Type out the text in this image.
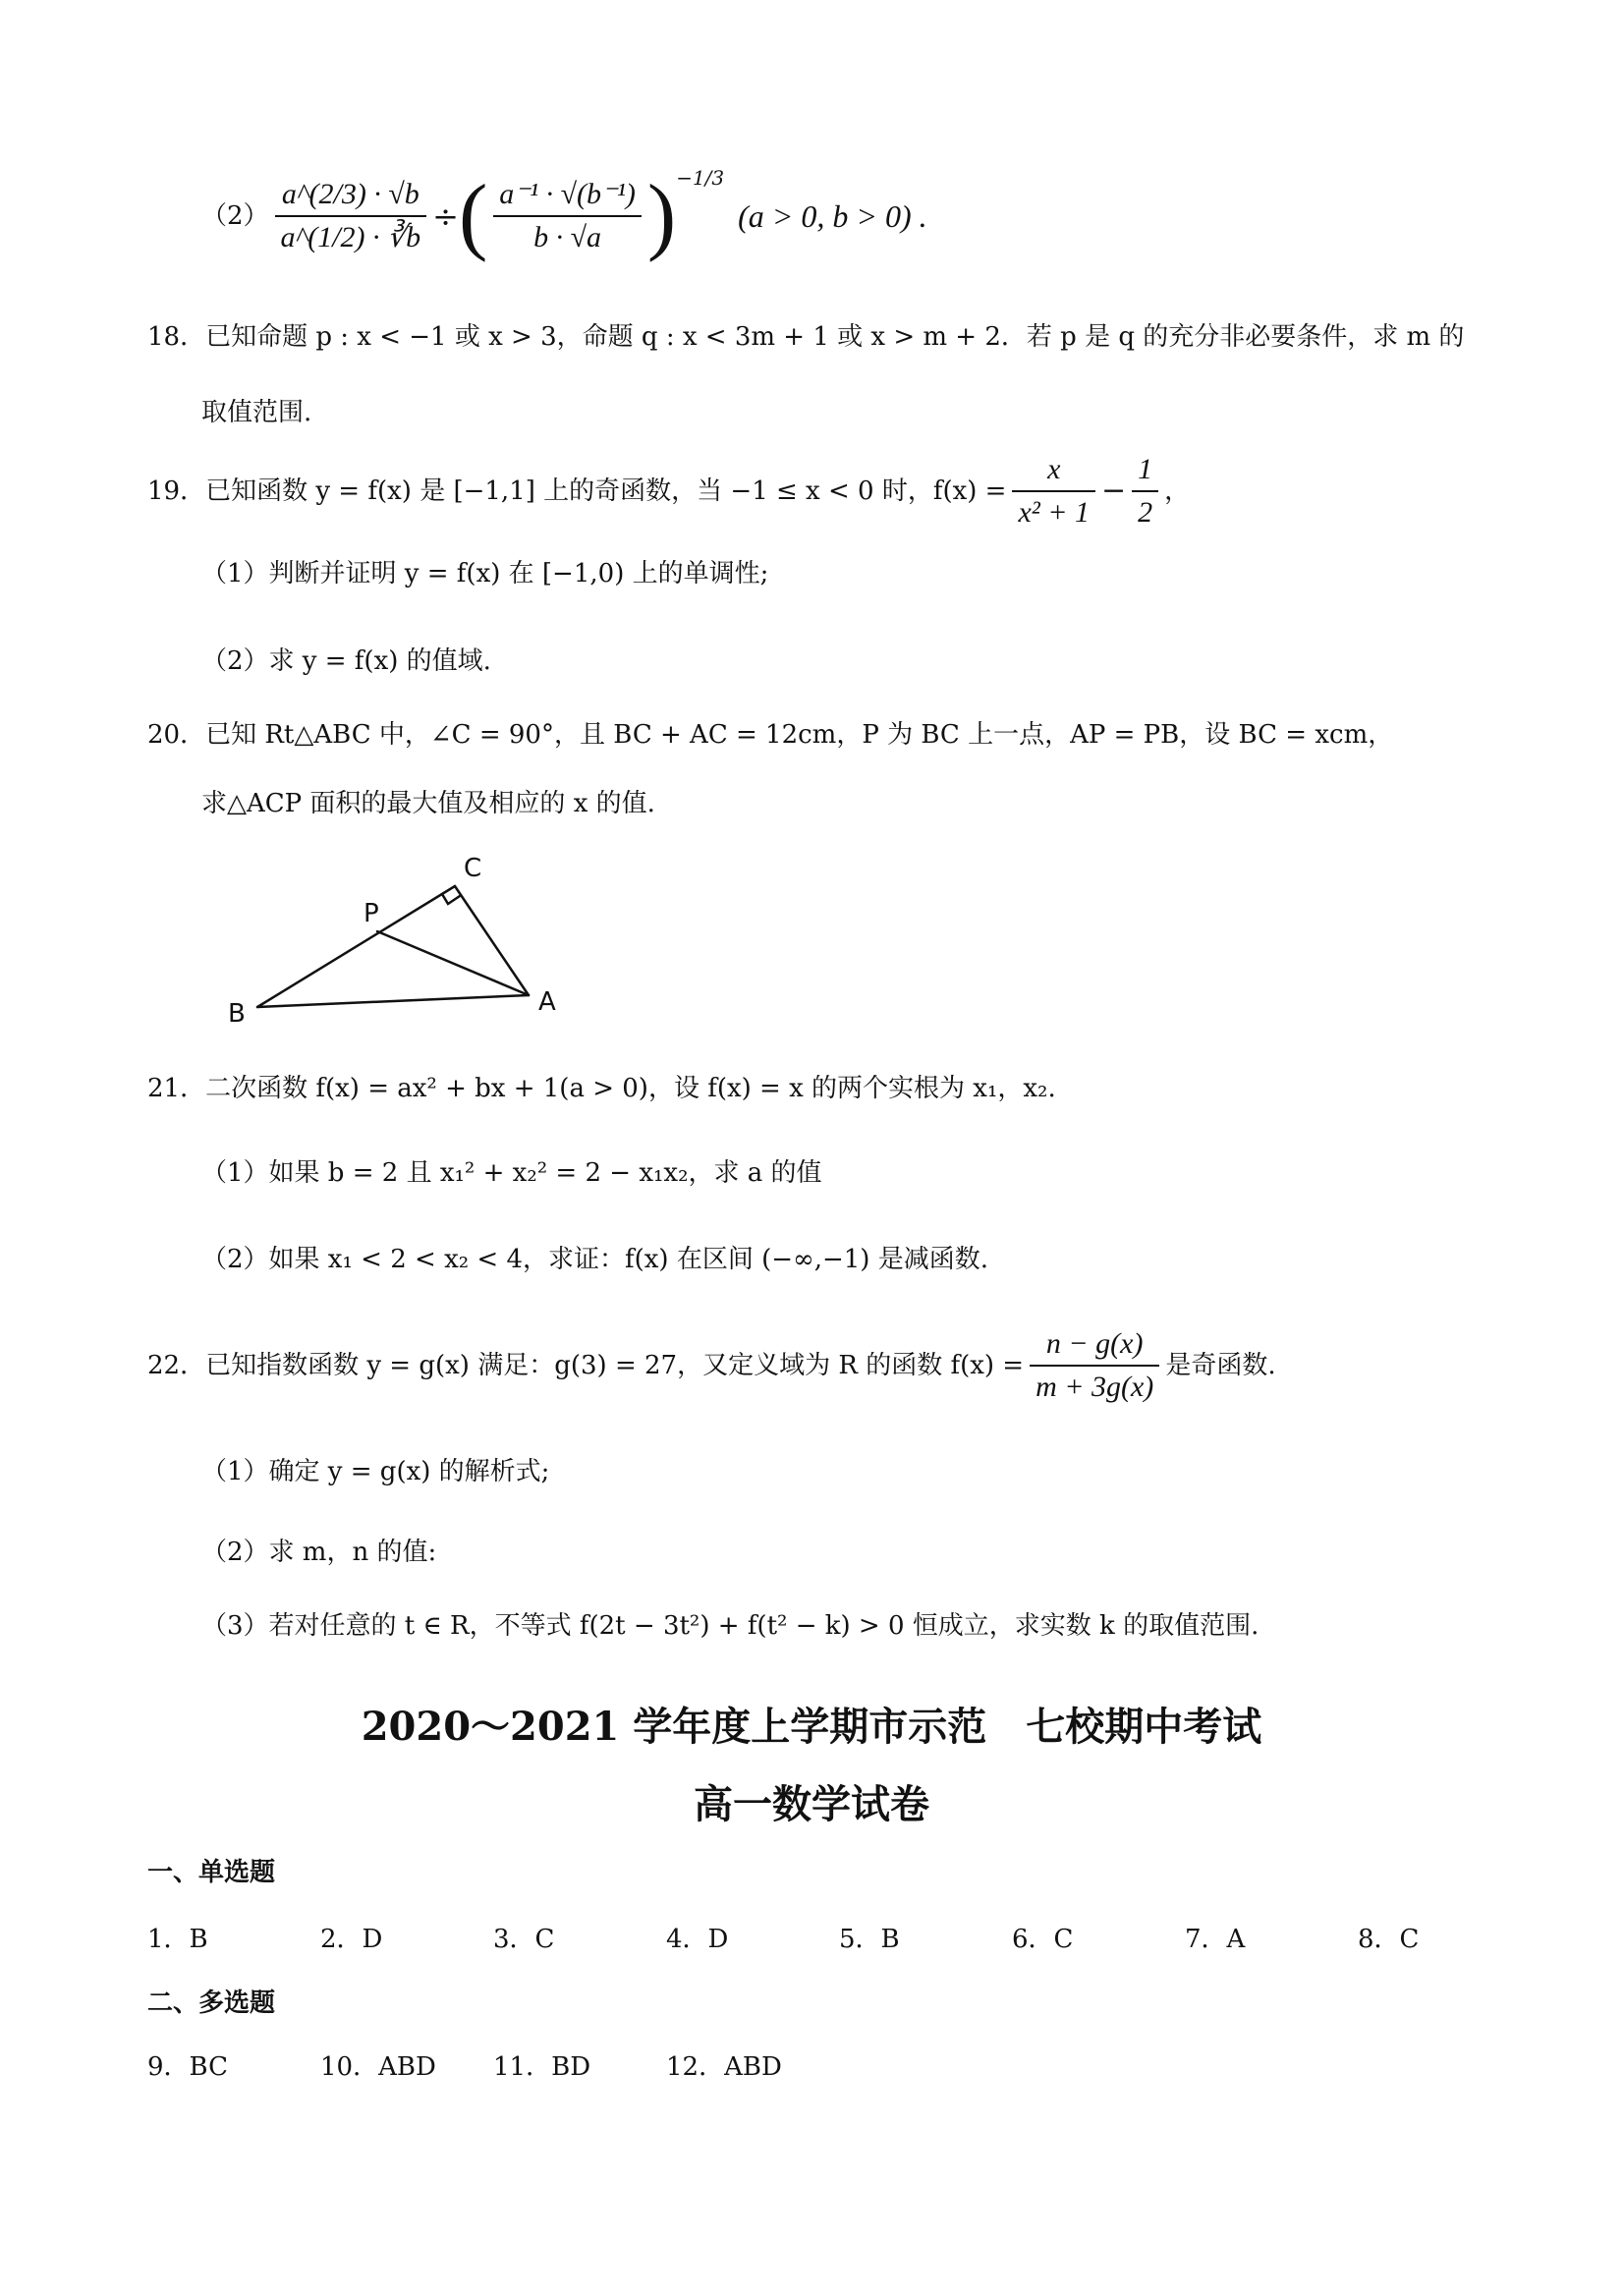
$(2) \frac{a\^{}(2/3) \cdot √b}{a\^{}(1/2) \cdot ∛b}$ ÷ ( $\frac{\text{a⁻¹ · √(b⁻¹)}}{b \cdot √a}$ ) −1/3
(a > 0, b > 0) .
18．已知命题 p : x < −1 或 x > 3，命题 q : x < 3m + 1 或 x > m + 2．若 p 是 q 的充分非必要条件，求 m 的
取值范围.
19． 已知函数 y = f(x) 是 [−1,1] 上的奇函数，当 −1 ≤ x < 0 时，$f(x) = \frac{x}{\text{x² + 1}} - \frac{1}{2}$ ，
（1）判断并证明 y = f(x) 在 [−1,0) 上的单调性;
（2）求 y = f(x) 的值域.
20．已知 Rt△ABC 中，∠C = 90°，且 BC + AC = 12cm，P 为 BC 上一点，AP = PB，设 BC = xcm，
求△ACP 面积的最大值及相应的 x 的值.
B
P
C
A
21．二次函数 f(x) = ax² + bx + 1(a > 0)，设 f(x) = x 的两个实根为 x₁，x₂.
（1）如果 b = 2 且 x₁² + x₂² = 2 − x₁x₂，求 a 的值
（2）如果 x₁ < 2 < x₂ < 4，求证：f(x) 在区间 (−∞,−1) 是减函数.
22． 已知指数函数 y = g(x) 满足：g(3) = 27，又定义域为 R 的函数 $f(x) = \frac{n - g(x)}{m + 3g(x)}$ 是奇函数.
（1）确定 y = g(x) 的解析式;
（2）求 m，n 的值:
（3）若对任意的 t ∈ R，不等式 f(2t − 3t²) + f(t² − k) > 0 恒成立，求实数 k 的取值范围.
2020～2021 学年度上学期市示范　七校期中考试
高一数学试卷
一、单选题
1．B	2．D	3．C	4．D	5．B	6．C	7．A	8．C
二、多选题
9．BC	10．ABD	11．BD	12．ABD
